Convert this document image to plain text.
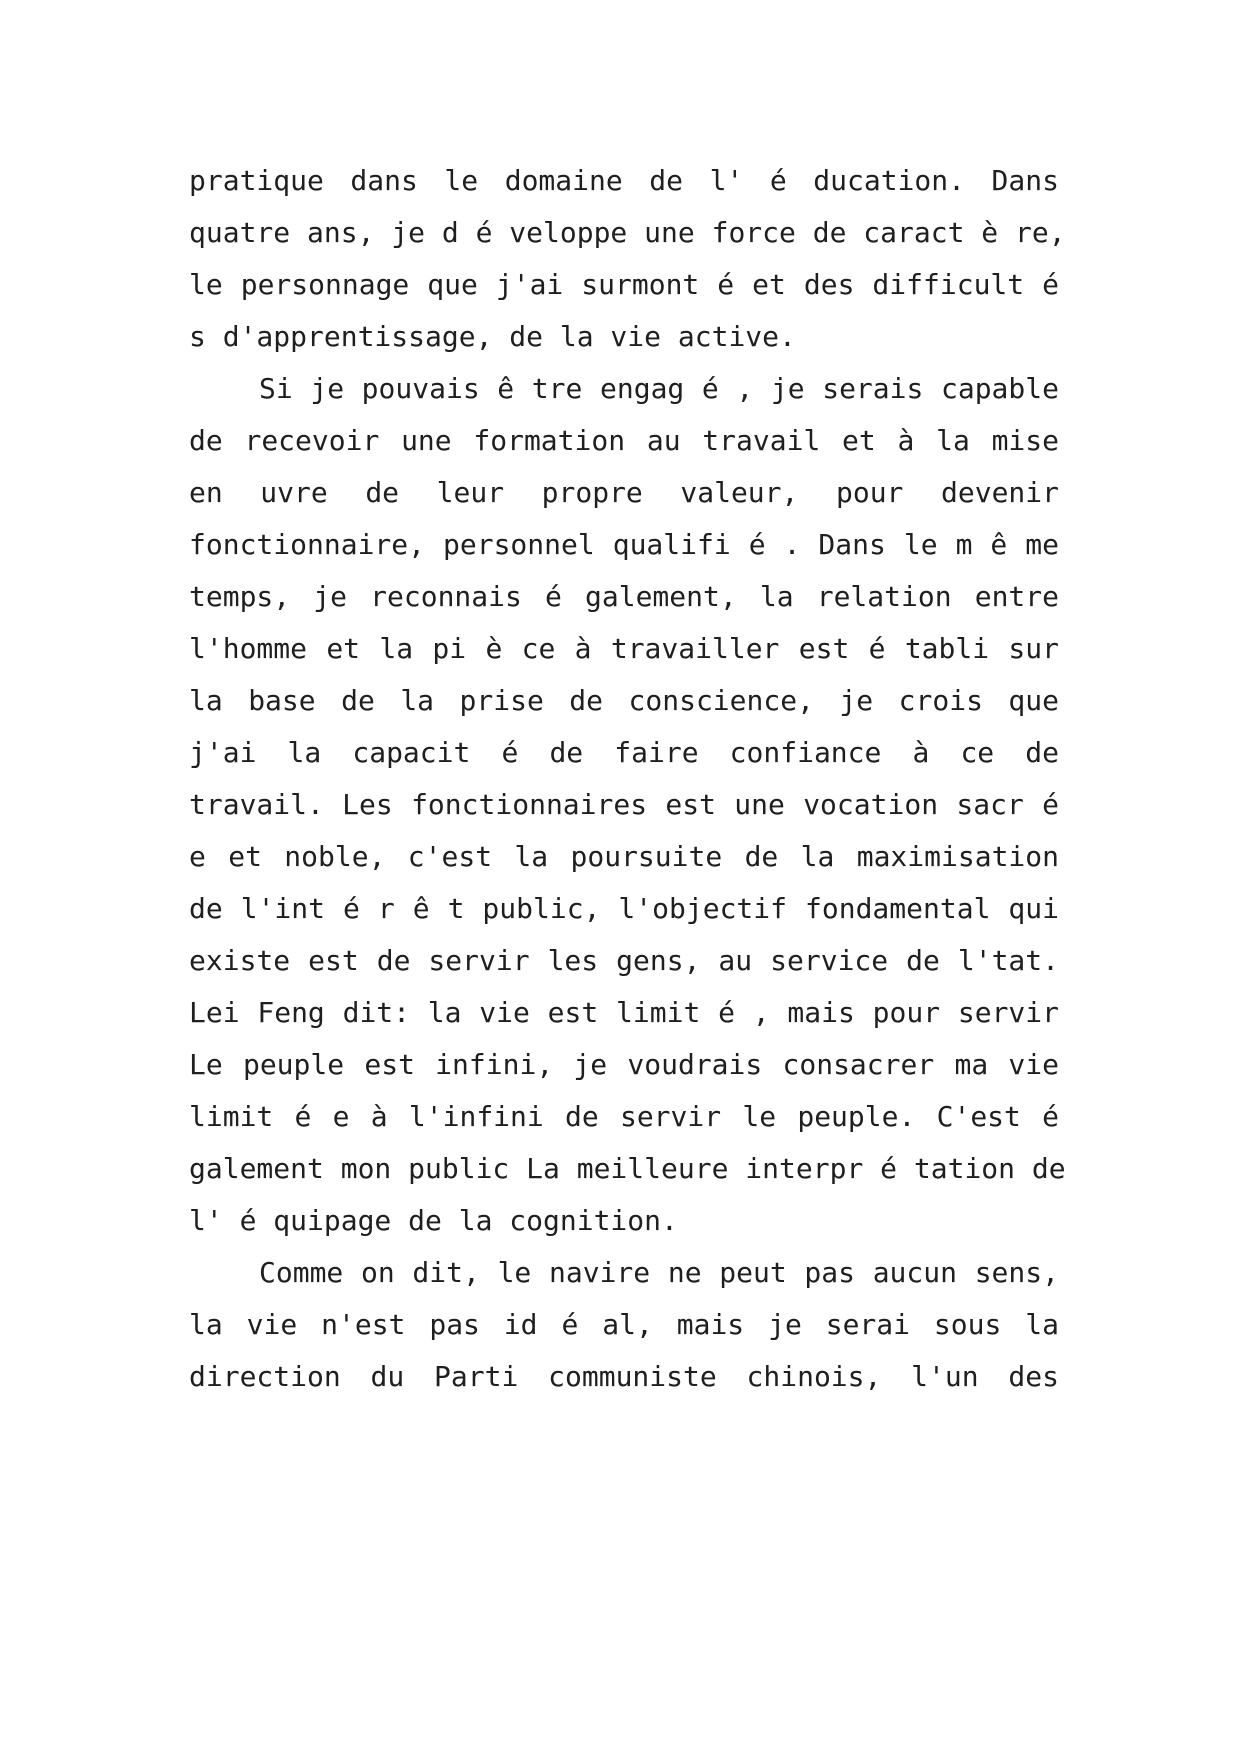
pratique dans le domaine de l' é ducation. Dans
quatre ans, je d é veloppe une force de caract è re,
le personnage que j'ai surmont é et des difficult é
s d'apprentissage, de la vie active.
Si je pouvais ê tre engag é , je serais capable
de recevoir une formation au travail et à la mise
en uvre de leur propre valeur, pour devenir
fonctionnaire, personnel qualifi é . Dans le m ê me
temps, je reconnais é galement, la relation entre
l'homme et la pi è ce à travailler est é tabli sur
la base de la prise de conscience, je crois que
j'ai la capacit é de faire confiance à ce de
travail. Les fonctionnaires est une vocation sacr é
e et noble, c'est la poursuite de la maximisation
de l'int é r ê t public, l'objectif fondamental qui
existe est de servir les gens, au service de l'tat.
Lei Feng dit: la vie est limit é , mais pour servir
Le peuple est infini, je voudrais consacrer ma vie
limit é e à l'infini de servir le peuple. C'est é
galement mon public La meilleure interpr é tation de
l' é quipage de la cognition.
Comme on dit, le navire ne peut pas aucun sens,
la vie n'est pas id é al, mais je serai sous la
direction du Parti communiste chinois, l'un des
